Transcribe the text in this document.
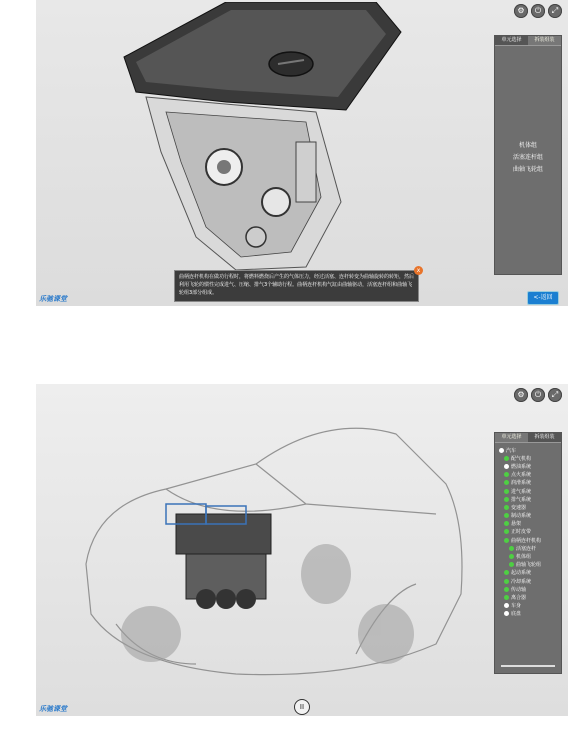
⚙	⏻	⤢
单元选择	拆装组装
机体组
活塞连杆组
曲轴飞轮组
曲柄连杆机构在做功行程时，将燃料燃烧后产生的气体压力，经过活塞、连杆转变为曲轴旋转的转矩，然后利用飞轮的惯性完成进气、压缩、排气3个辅助行程。曲柄连杆机构气缸由曲轴驱动，活塞连杆组和曲轴飞轮组3部分组成。
x
<-返回
乐驰课堂
⚙	⏻	⤢
单元选择	拆装组装
汽车
配气机构
燃油系统
点火系统
润滑系统
进气系统
排气系统
变速器
制动系统
悬架
正时皮带
曲柄连杆机构
活塞连杆
机体组
曲轴飞轮组
起动系统
冷却系统
传动轴
离合器
车身
底盘
II
乐驰课堂
